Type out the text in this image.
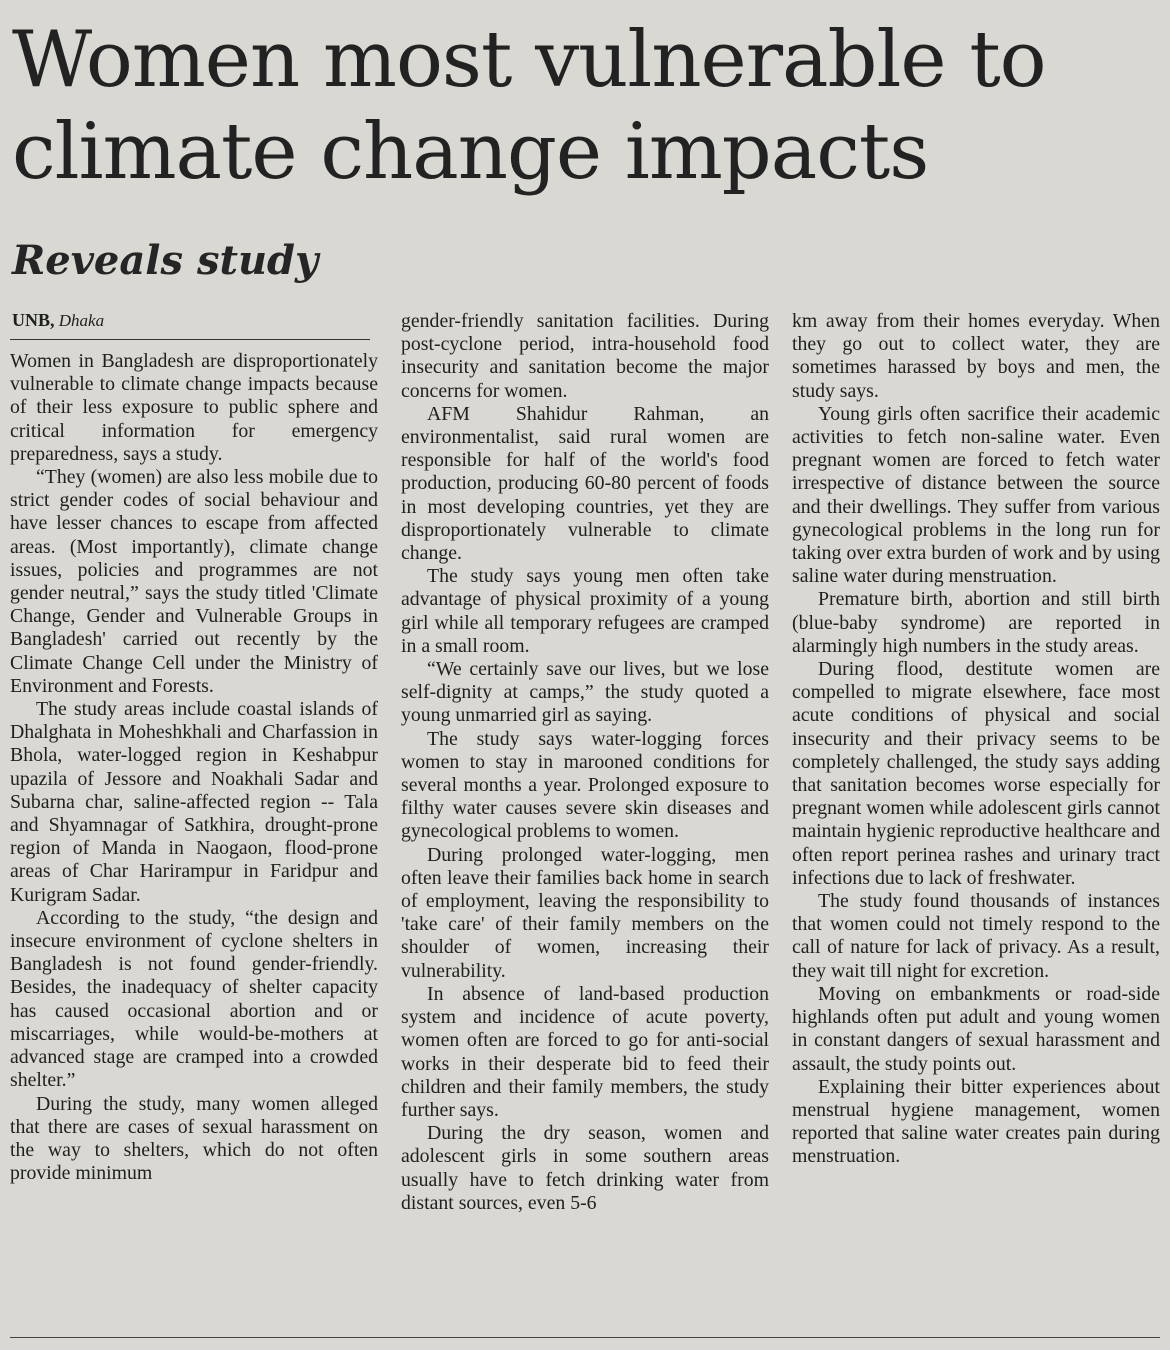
Women most vulnerable to climate change impacts
Reveals study
UNB, Dhaka

Women in Bangladesh are disproportionately vulnerable to climate change impacts because of their less exposure to public sphere and critical information for emergency preparedness, says a study.

“They (women) are also less mobile due to strict gender codes of social behaviour and have lesser chances to escape from affected areas. (Most importantly), climate change issues, policies and programmes are not gender neutral,” says the study titled 'Climate Change, Gender and Vulnerable Groups in Bangladesh' carried out recently by the Climate Change Cell under the Ministry of Environment and Forests.

The study areas include coastal islands of Dhalghata in Moheshkhali and Charfassion in Bhola, water-logged region in Keshabpur upazila of Jessore and Noakhali Sadar and Subarna char, saline-affected region -- Tala and Shyamnagar of Satkhira, drought-prone region of Manda in Naogaon, flood-prone areas of Char Harirampur in Faridpur and Kurigram Sadar.

According to the study, “the design and insecure environment of cyclone shelters in Bangladesh is not found gender-friendly. Besides, the inadequacy of shelter capacity has caused occasional abortion and or miscarriages, while would-be-mothers at advanced stage are cramped into a crowded shelter.”

During the study, many women alleged that there are cases of sexual harassment on the way to shelters, which do not often provide minimum

gender-friendly sanitation facilities. During post-cyclone period, intra-household food insecurity and sanitation become the major concerns for women.

AFM Shahidur Rahman, an environmentalist, said rural women are responsible for half of the world's food production, producing 60-80 percent of foods in most developing countries, yet they are disproportionately vulnerable to climate change.

The study says young men often take advantage of physical proximity of a young girl while all temporary refugees are cramped in a small room.

“We certainly save our lives, but we lose self-dignity at camps,” the study quoted a young unmarried girl as saying.

The study says water-logging forces women to stay in marooned conditions for several months a year. Prolonged exposure to filthy water causes severe skin diseases and gynecological problems to women.

During prolonged water-logging, men often leave their families back home in search of employment, leaving the responsibility to 'take care' of their family members on the shoulder of women, increasing their vulnerability.

In absence of land-based production system and incidence of acute poverty, women often are forced to go for anti-social works in their desperate bid to feed their children and their family members, the study further says.

During the dry season, women and adolescent girls in some southern areas usually have to fetch drinking water from distant sources, even 5-6

km away from their homes everyday. When they go out to collect water, they are sometimes harassed by boys and men, the study says.

Young girls often sacrifice their academic activities to fetch non-saline water. Even pregnant women are forced to fetch water irrespective of distance between the source and their dwellings. They suffer from various gynecological problems in the long run for taking over extra burden of work and by using saline water during menstruation.

Premature birth, abortion and still birth (blue-baby syndrome) are reported in alarmingly high numbers in the study areas.

During flood, destitute women are compelled to migrate elsewhere, face most acute conditions of physical and social insecurity and their privacy seems to be completely challenged, the study says adding that sanitation becomes worse especially for pregnant women while adolescent girls cannot maintain hygienic reproductive healthcare and often report perinea rashes and urinary tract infections due to lack of freshwater.

The study found thousands of instances that women could not timely respond to the call of nature for lack of privacy. As a result, they wait till night for excretion.

Moving on embankments or road-side highlands often put adult and young women in constant dangers of sexual harassment and assault, the study points out.

Explaining their bitter experiences about menstrual hygiene management, women reported that saline water creates pain during menstruation.
